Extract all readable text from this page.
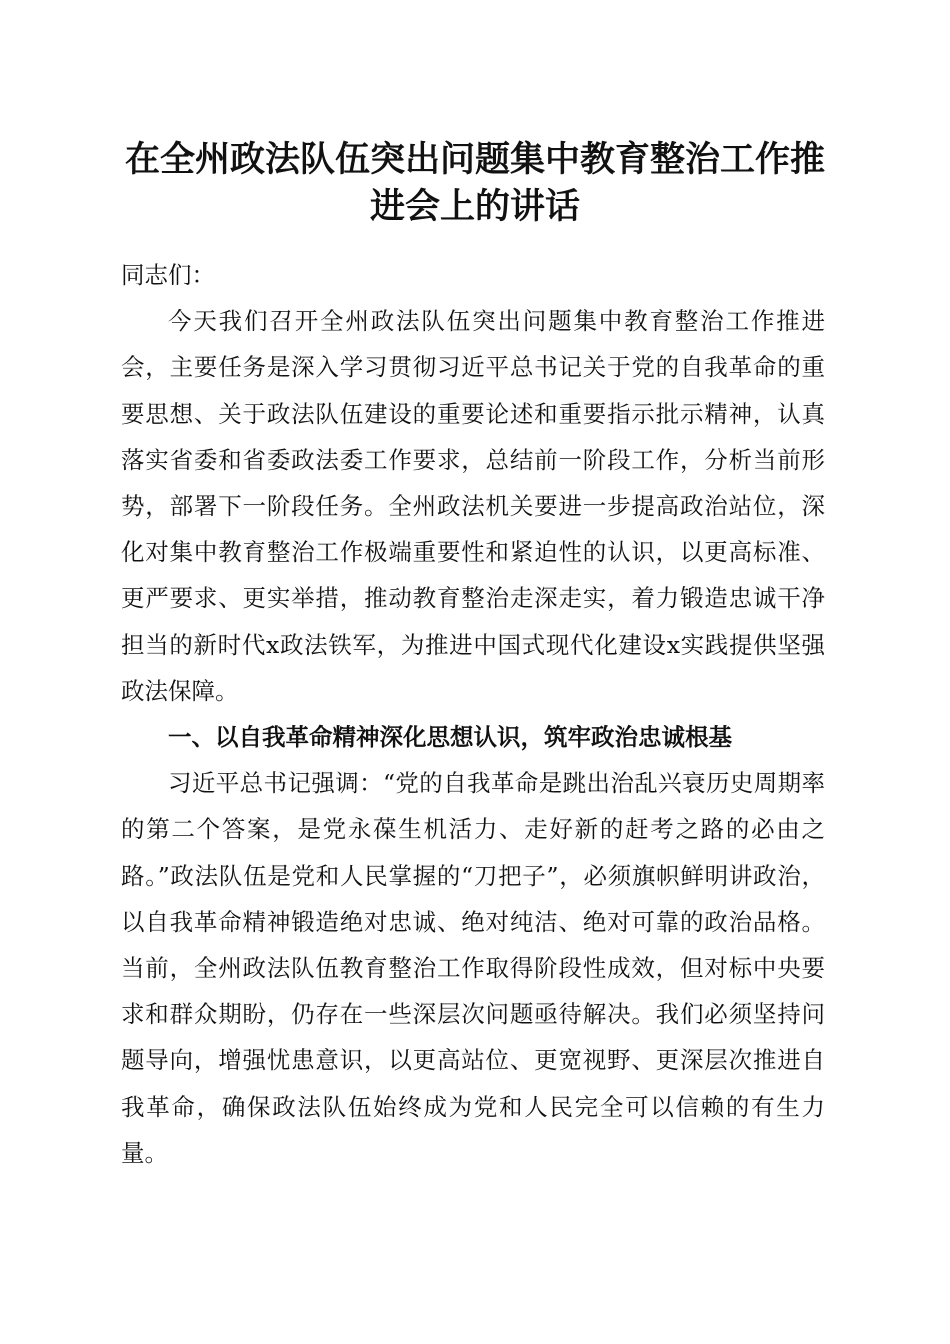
在全州政法队伍突出问题集中教育整治工作推进会上的讲话

同志们：

今天我们召开全州政法队伍突出问题集中教育整治工作推进会，主要任务是深入学习贯彻习近平总书记关于党的自我革命的重要思想、关于政法队伍建设的重要论述和重要指示批示精神，认真落实省委和省委政法委工作要求，总结前一阶段工作，分析当前形势，部署下一阶段任务。全州政法机关要进一步提高政治站位，深化对集中教育整治工作极端重要性和紧迫性的认识，以更高标准、更严要求、更实举措，推动教育整治走深走实，着力锻造忠诚干净担当的新时代x政法铁军，为推进中国式现代化建设x实践提供坚强政法保障。

一、以自我革命精神深化思想认识，筑牢政治忠诚根基

习近平总书记强调：“党的自我革命是跳出治乱兴衰历史周期率的第二个答案，是党永葆生机活力、走好新的赶考之路的必由之路。”政法队伍是党和人民掌握的“刀把子”，必须旗帜鲜明讲政治，以自我革命精神锻造绝对忠诚、绝对纯洁、绝对可靠的政治品格。当前，全州政法队伍教育整治工作取得阶段性成效，但对标中央要求和群众期盼，仍存在一些深层次问题亟待解决。我们必须坚持问题导向，增强忧患意识，以更高站位、更宽视野、更深层次推进自我革命，确保政法队伍始终成为党和人民完全可以信赖的有生力量。
